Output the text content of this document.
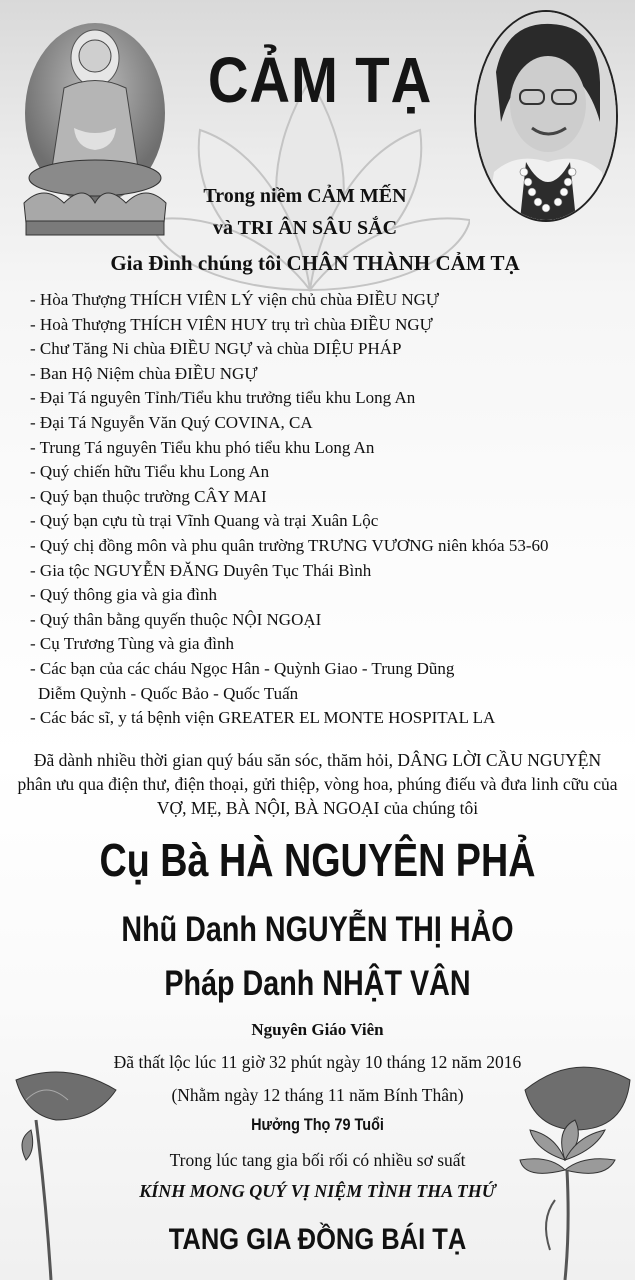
CẢM TẠ
Trong niềm CẢM MẾN
và TRI ÂN SÂU SẮC
Gia Đình chúng tôi CHÂN THÀNH CẢM TẠ
- Hòa Thượng THÍCH VIÊN LÝ viện chủ chùa ĐIỀU NGỰ
- Hoà Thượng THÍCH VIÊN HUY trụ trì chùa ĐIỀU NGỰ
- Chư Tăng Ni chùa ĐIỀU NGỰ và chùa DIỆU PHÁP
- Ban Hộ Niệm chùa ĐIỀU NGỰ
- Đại Tá nguyên Tỉnh/Tiểu khu trưởng tiểu khu Long An
- Đại Tá Nguyễn Văn Quý COVINA, CA
- Trung Tá nguyên Tiểu khu phó tiểu khu Long An
- Quý chiến hữu Tiểu khu Long An
- Quý bạn thuộc trường CÂY MAI
- Quý bạn cựu tù trại Vĩnh Quang và trại Xuân Lộc
- Quý chị đồng môn và phu quân trường TRƯNG VƯƠNG niên khóa 53-60
- Gia tộc NGUYỄN ĐĂNG Duyên Tục Thái Bình
- Quý thông gia và gia đình
- Quý thân bằng quyến thuộc NỘI NGOẠI
- Cụ Trương Tùng và gia đình
- Các bạn của các cháu Ngọc Hân - Quỳnh Giao - Trung Dũng
Diễm Quỳnh - Quốc Bảo - Quốc Tuấn
- Các bác sĩ, y tá bệnh viện GREATER EL MONTE HOSPITAL LA
Đã dành nhiều thời gian quý báu săn sóc, thăm hỏi, DÂNG LỜI CẦU NGUYỆN
phân ưu qua điện thư, điện thoại, gửi thiệp, vòng hoa, phúng điếu và đưa linh cữu của
VỢ, MẸ, BÀ NỘI, BÀ NGOẠI của chúng tôi
Cụ Bà HÀ NGUYÊN PHẢ
Nhũ Danh NGUYỄN THỊ HẢO
Pháp Danh NHẬT VÂN
Nguyên Giáo Viên
Đã thất lộc lúc 11 giờ 32 phút ngày 10 tháng 12 năm 2016
(Nhằm ngày 12 tháng 11 năm Bính Thân)
Hưởng Thọ 79 Tuổi
Trong lúc tang gia bối rối có nhiều sơ suất
KÍNH MONG QUÝ VỊ NIỆM TÌNH THA THỨ
TANG GIA ĐỒNG BÁI TẠ
